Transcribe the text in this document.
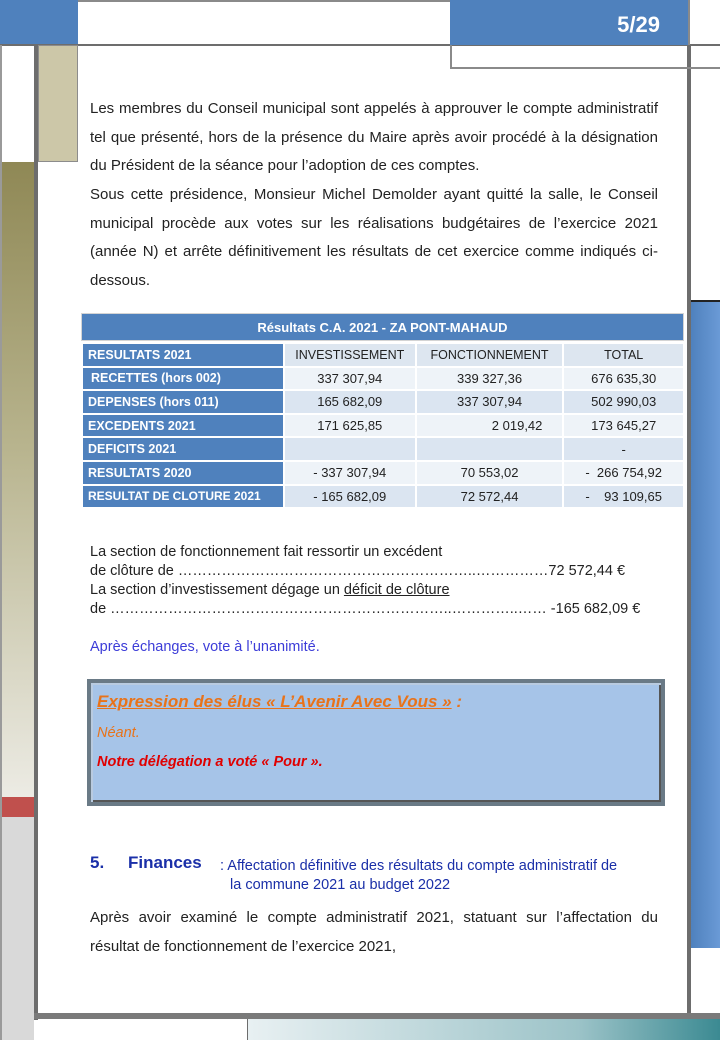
5/29
Les membres du Conseil municipal sont appelés à approuver le compte administratif tel que présenté, hors de la présence du Maire après avoir procédé à la désignation du Président de la séance pour l’adoption de ces comptes.
Sous cette présidence, Monsieur Michel Demolder ayant quitté la salle, le Conseil municipal procède aux votes sur les réalisations budgétaires de l’exercice 2021 (année N) et arrête définitivement les résultats de cet exercice comme indiqués ci-dessous.
Résultats C.A. 2021 - ZA PONT-MAHAUD
RESULTATS 2021	INVESTISSEMENT	FONCTIONNEMENT	TOTAL
RECETTES (hors 002)	337 307,94	339 327,36	676 635,30
DEPENSES (hors 011)	165 682,09	337 307,94	502 990,03
EXCEDENTS 2021	171 625,85	2 019,42	173 645,27
DEFICITS 2021			-
RESULTATS 2020	- 337 307,94	70 553,02	-  266 754,92
RESULTAT DE CLOTURE 2021	- 165 682,09	72 572,44	-    93 109,65
La section de fonctionnement fait ressortir un excédent
de clôture de ……………………………………………………..……………72 572,44 €
La section d’investissement dégage un déficit de clôture
de ……………………………………………………………..…………..…… -165 682,09 €
Après échanges, vote à l’unanimité.
Expression des élus « L’Avenir Avec Vous » :
Néant.
Notre délégation a voté « Pour ».
5. Finances : Affectation définitive des résultats du compte administratif de
la commune 2021 au budget 2022
Après avoir examiné le compte administratif 2021, statuant sur l’affectation du résultat de fonctionnement de l’exercice 2021,
